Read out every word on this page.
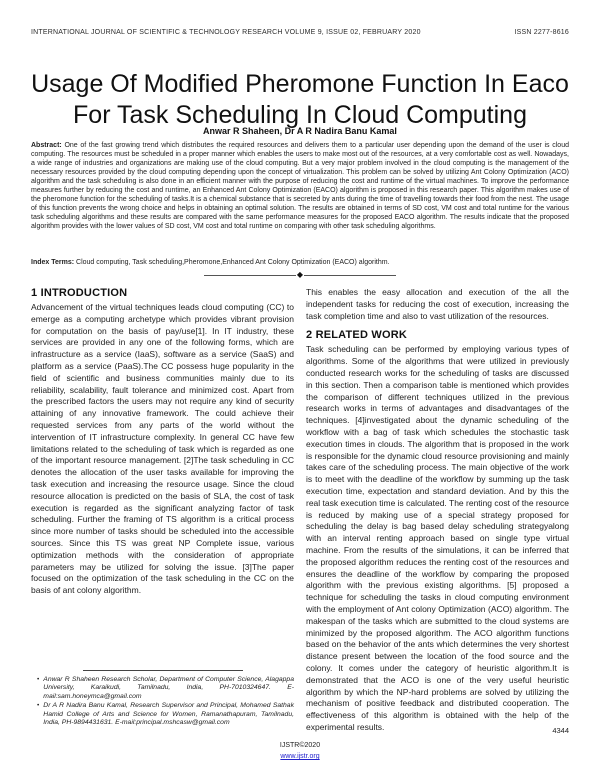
INTERNATIONAL JOURNAL OF SCIENTIFIC & TECHNOLOGY RESEARCH VOLUME 9, ISSUE 02, FEBRUARY 2020	ISSN 2277-8616
Usage Of Modified Pheromone Function In Eaco For Task Scheduling In Cloud Computing
Anwar R Shaheen, Dr A R Nadira Banu Kamal

Abstract: One of the fast growing trend which distributes the required resources and delivers them to a particular user depending upon the demand of the user is cloud computing. The resources must be scheduled in a proper manner which enables the users to make most out of the resources, at a very comfortable cost as well. Nowadays, a wide range of industries and organizations are making use of the cloud computing. But a very major problem involved in the cloud computing is the management of the necessary resources provided by the cloud computing depending upon the concept of virtualization. This problem can be solved by utilizing Ant Colony Optimization (ACO) algorithm and the task scheduling is also done in an efficient manner with the purpose of reducing the cost and runtime of the virtual machines. To improve the performance measures further by reducing the cost and runtime, an Enhanced Ant Colony Optimization (EACO) algorithm is proposed in this research paper. This algorithm makes use of the pheromone function for the scheduling of tasks.It is a chemical substance that is secreted by ants during the time of travelling towards their food from the nest. The usage of this function prevents the wrong choice and helps in obtaining an optimal solution. The results are obtained in terms of SD cost, VM cost and total runtime for the various task scheduling algorithms and these results are compared with the same performance measures for the proposed EACO algorithm. The results indicate that the proposed algorithm provides with the lower values of SD cost, VM cost and total runtime on comparing with other task scheduling algorithms.

Index Terms: Cloud computing, Task scheduling,Pheromone,Enhanced Ant Colony Optimization (EACO) algorithm.

◆
1 INTRODUCTION

Advancement of the virtual techniques leads cloud computing (CC) to emerge as a computing archetype which provides vibrant provision for computation on the basis of pay/use[1]. In IT industry, these services are provided in any one of the following forms, which are infrastructure as a service (IaaS), software as a service (SaaS) and platform as a service (PaaS).The CC possess huge popularity in the field of scientific and business communities mainly due to its reliability, scalability, fault tolerance and minimized cost. Apart from the prescribed factors the users may not require any kind of security attaining of any innovative framework. The could achieve their requested services from any parts of the world without the intervention of IT infrastructure complexity. In general CC have few limitations related to the scheduling of task which is regarded as one of the important resource management. [2]The task scheduling in CC denotes the allocation of the user tasks available for improving the task execution and increasing the resource usage. Since the cloud resource allocation is predicted on the basis of SLA, the cost of task execution is regarded as the significant analyzing factor of task scheduling. Further the framing of TS algorithm is a critical process since more number of tasks should be scheduled into the accessible sources. Since this TS was great NP Complete issue, various optimization methods with the consideration of appropriate parameters may be utilized for solving the issue. [3]The paper focused on the optimization of the task scheduling in the CC on the basis of ant colony algorithm.

• Anwar R Shaheen Research Scholar, Department of Computer Science, Alagappa University, Karaikudi, Tamilnadu, India, PH-7010324647. E-mail:sam.honeymca@gmail.com
• Dr A R Nadira Banu Kamal, Research Supervisor and Principal, Mohamed Sathak Hamid College of Arts and Science for Women, Ramanathapuram, Tamilnadu, India, PH-9894431631. E-mail:principal.mshcasw@gmail.com

This enables the easy allocation and execution of the all the independent tasks for reducing the cost of execution, increasing the task completion time and also to vast utilization of the resources.

2 RELATED WORK

Task scheduling can be performed by employing various types of algorithms. Some of the algorithms that were utilized in previously conducted research works for the scheduling of tasks are discussed in this section. Then a comparison table is mentioned which provides the comparison of different techniques utilized in the previous research works in terms of advantages and disadvantages of the techniques. [4]investigated about the dynamic scheduling of the workflow with a bag of task which schedules the stochastic task execution times in clouds. The algorithm that is proposed in the work is responsible for the dynamic cloud resource provisioning and mainly takes care of the scheduling process. The main objective of the work is to meet with the deadline of the workflow by summing up the task execution time, expectation and standard deviation. And by this the real task execution time is calculated. The renting cost of the resource is reduced by making use of a special strategy proposed for scheduling the delay is bag based delay scheduling strategyalong with an interval renting approach based on single type virtual machine. From the results of the simulations, it can be inferred that the proposed algorithm reduces the renting cost of the resources and ensures the deadline of the workflow by comparing the proposed algorithm with the previous existing algorithms. [5] proposed a technique for scheduling the tasks in cloud computing environment with the employment of Ant colony Optimization (ACO) algorithm. The makespan of the tasks which are submitted to the cloud systems are minimized by the proposed algorithm. The ACO algorithm functions based on the behavior of the ants which determines the very shortest distance present between the location of the food source and the colony. It comes under the category of heuristic algorithm.It is demonstrated that the ACO is one of the very useful heuristic algorithm by which the NP-hard problems are solved by utilizing the mechanism of positive feedback and distributed cooperation. The effectiveness of this algorithm is obtained with the help of the experimental results.	4344
IJSTR©2020
www.ijstr.org
